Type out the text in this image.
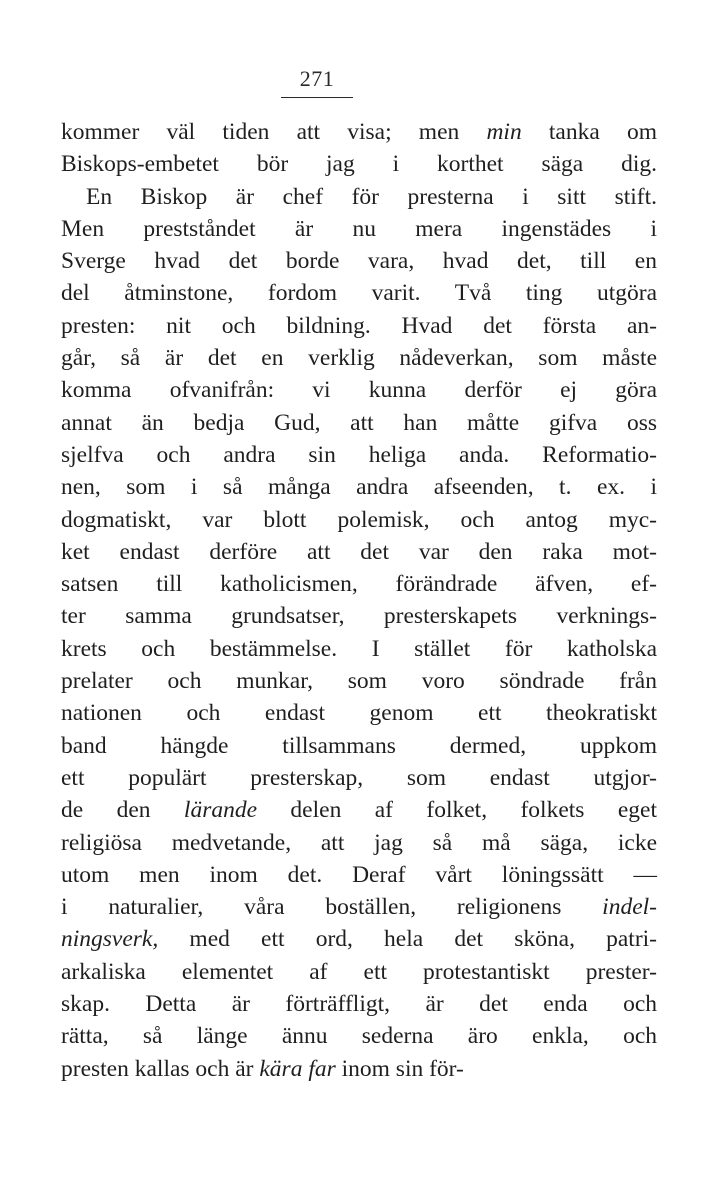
271
kommer väl tiden att visa; men min tanka om
Biskops-embetet bör jag i korthet säga dig.
En Biskop är chef för presterna i sitt stift.
Men prestståndet är nu mera ingenstädes i
Sverge hvad det borde vara, hvad det, till en
del åtminstone, fordom varit. Två ting utgöra
presten: nit och bildning. Hvad det första an-
går, så är det en verklig nådeverkan, som måste
komma ofvanifrån: vi kunna derför ej göra
annat än bedja Gud, att han måtte gifva oss
sjelfva och andra sin heliga anda. Reformatio-
nen, som i så många andra afseenden, t. ex. i
dogmatiskt, var blott polemisk, och antog myc-
ket endast derföre att det var den raka mot-
satsen till katholicismen, förändrade äfven, ef-
ter samma grundsatser, presterskapets verknings-
krets och bestämmelse. I stället för katholska
prelater och munkar, som voro söndrade från
nationen och endast genom ett theokratiskt
band hängde tillsammans dermed, uppkom
ett populärt presterskap, som endast utgjor-
de den lärande delen af folket, folkets eget
religiösa medvetande, att jag så må säga, icke
utom men inom det. Deraf vårt löningssätt —
i naturalier, våra boställen, religionens indel-
ningsverk, med ett ord, hela det sköna, patri-
arkaliska elementet af ett protestantiskt prester-
skap. Detta är förträffligt, är det enda och
rätta, så länge ännu sederna äro enkla, och
presten kallas och är kära far inom sin för-
